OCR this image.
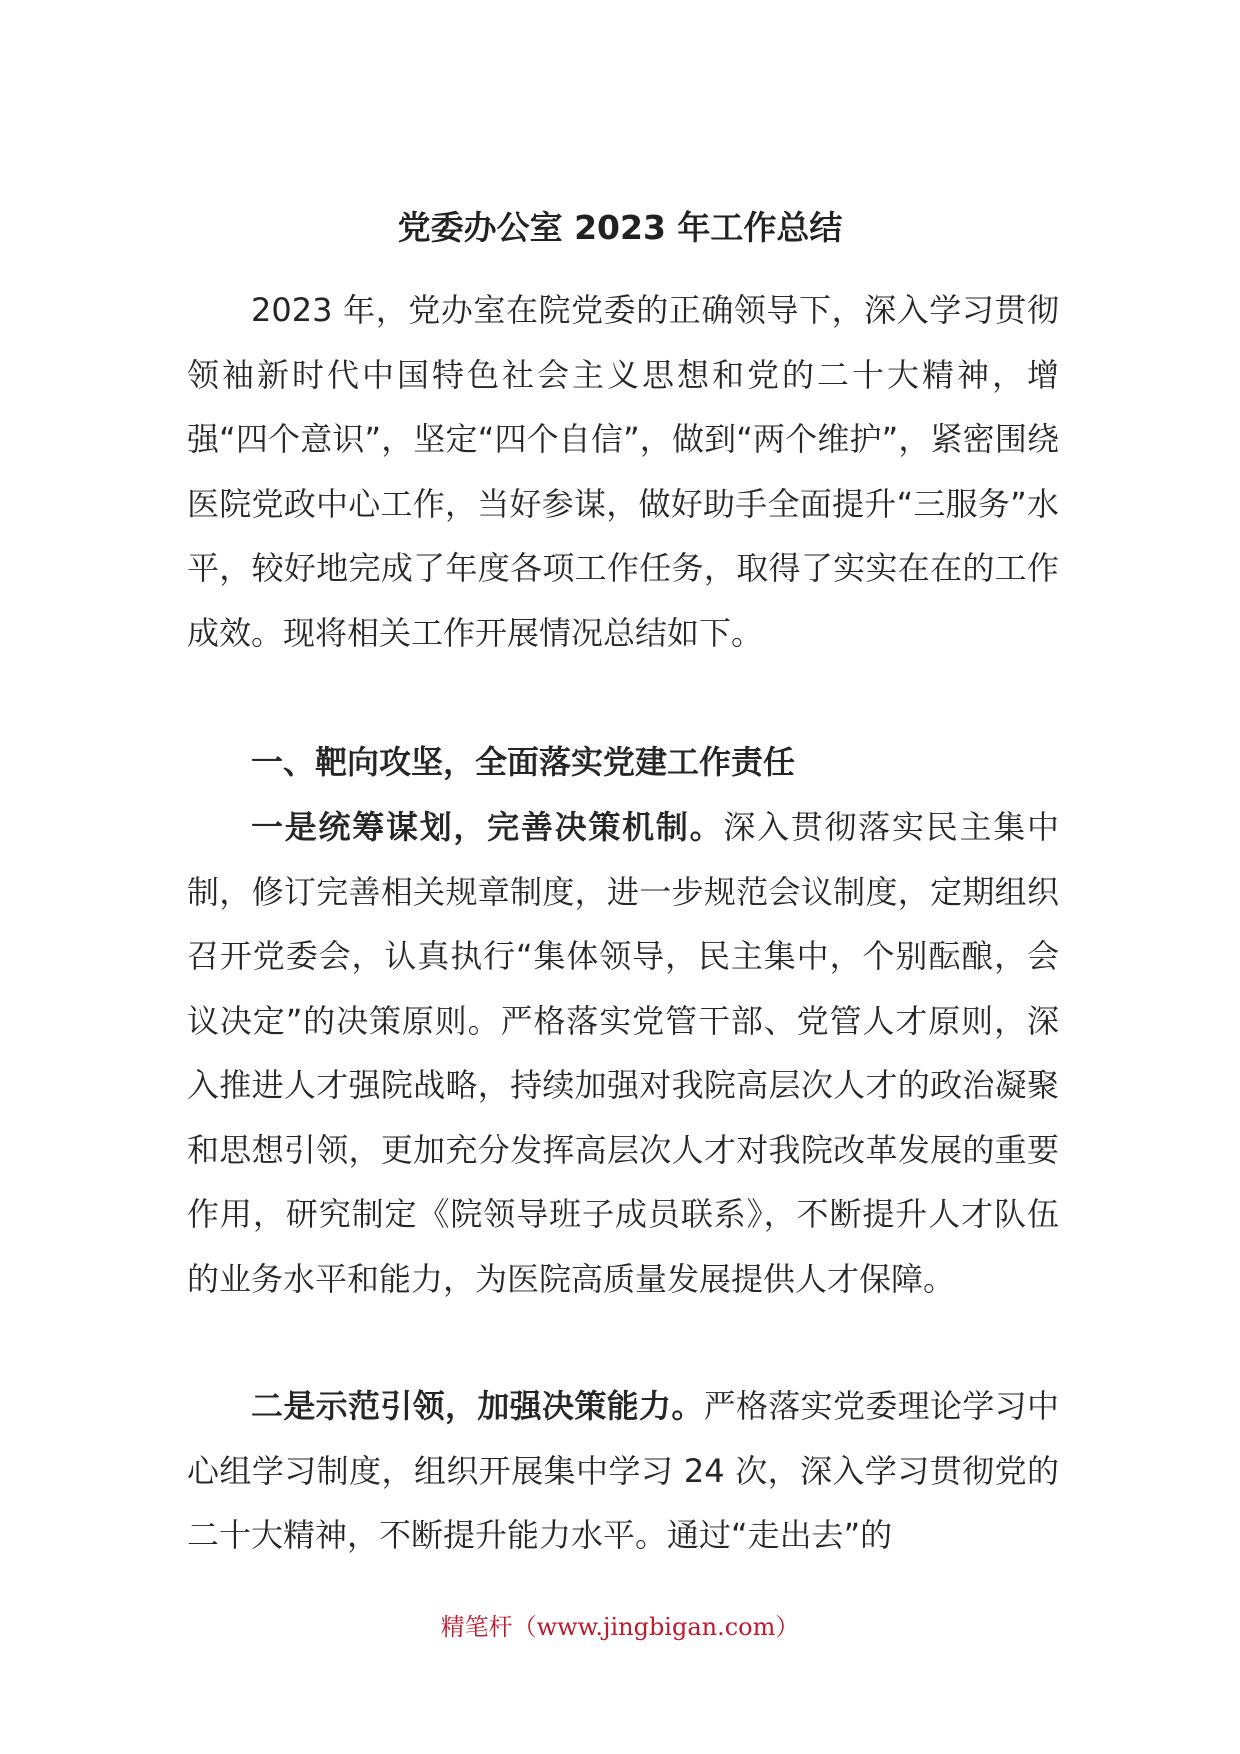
党委办公室 2023 年工作总结

2023 年，党办室在院党委的正确领导下，深入学习贯彻领袖新时代中国特色社会主义思想和党的二十大精神，增强“四个意识”，坚定“四个自信”，做到“两个维护”，紧密围绕医院党政中心工作，当好参谋，做好助手全面提升“三服务”水平，较好地完成了年度各项工作任务，取得了实实在在的工作成效。现将相关工作开展情况总结如下。

一、靶向攻坚，全面落实党建工作责任

一是统筹谋划，完善决策机制。深入贯彻落实民主集中制，修订完善相关规章制度，进一步规范会议制度，定期组织召开党委会，认真执行“集体领导，民主集中，个别酝酿，会议决定”的决策原则。严格落实党管干部、党管人才原则，深入推进人才强院战略，持续加强对我院高层次人才的政治凝聚和思想引领，更加充分发挥高层次人才对我院改革发展的重要作用，研究制定《院领导班子成员联系》，不断提升人才队伍的业务水平和能力，为医院高质量发展提供人才保障。

二是示范引领，加强决策能力。严格落实党委理论学习中心组学习制度，组织开展集中学习 24 次，深入学习贯彻党的二十大精神，不断提升能力水平。通过“走出去”的

精笔杆（www.jingbigan.com）
